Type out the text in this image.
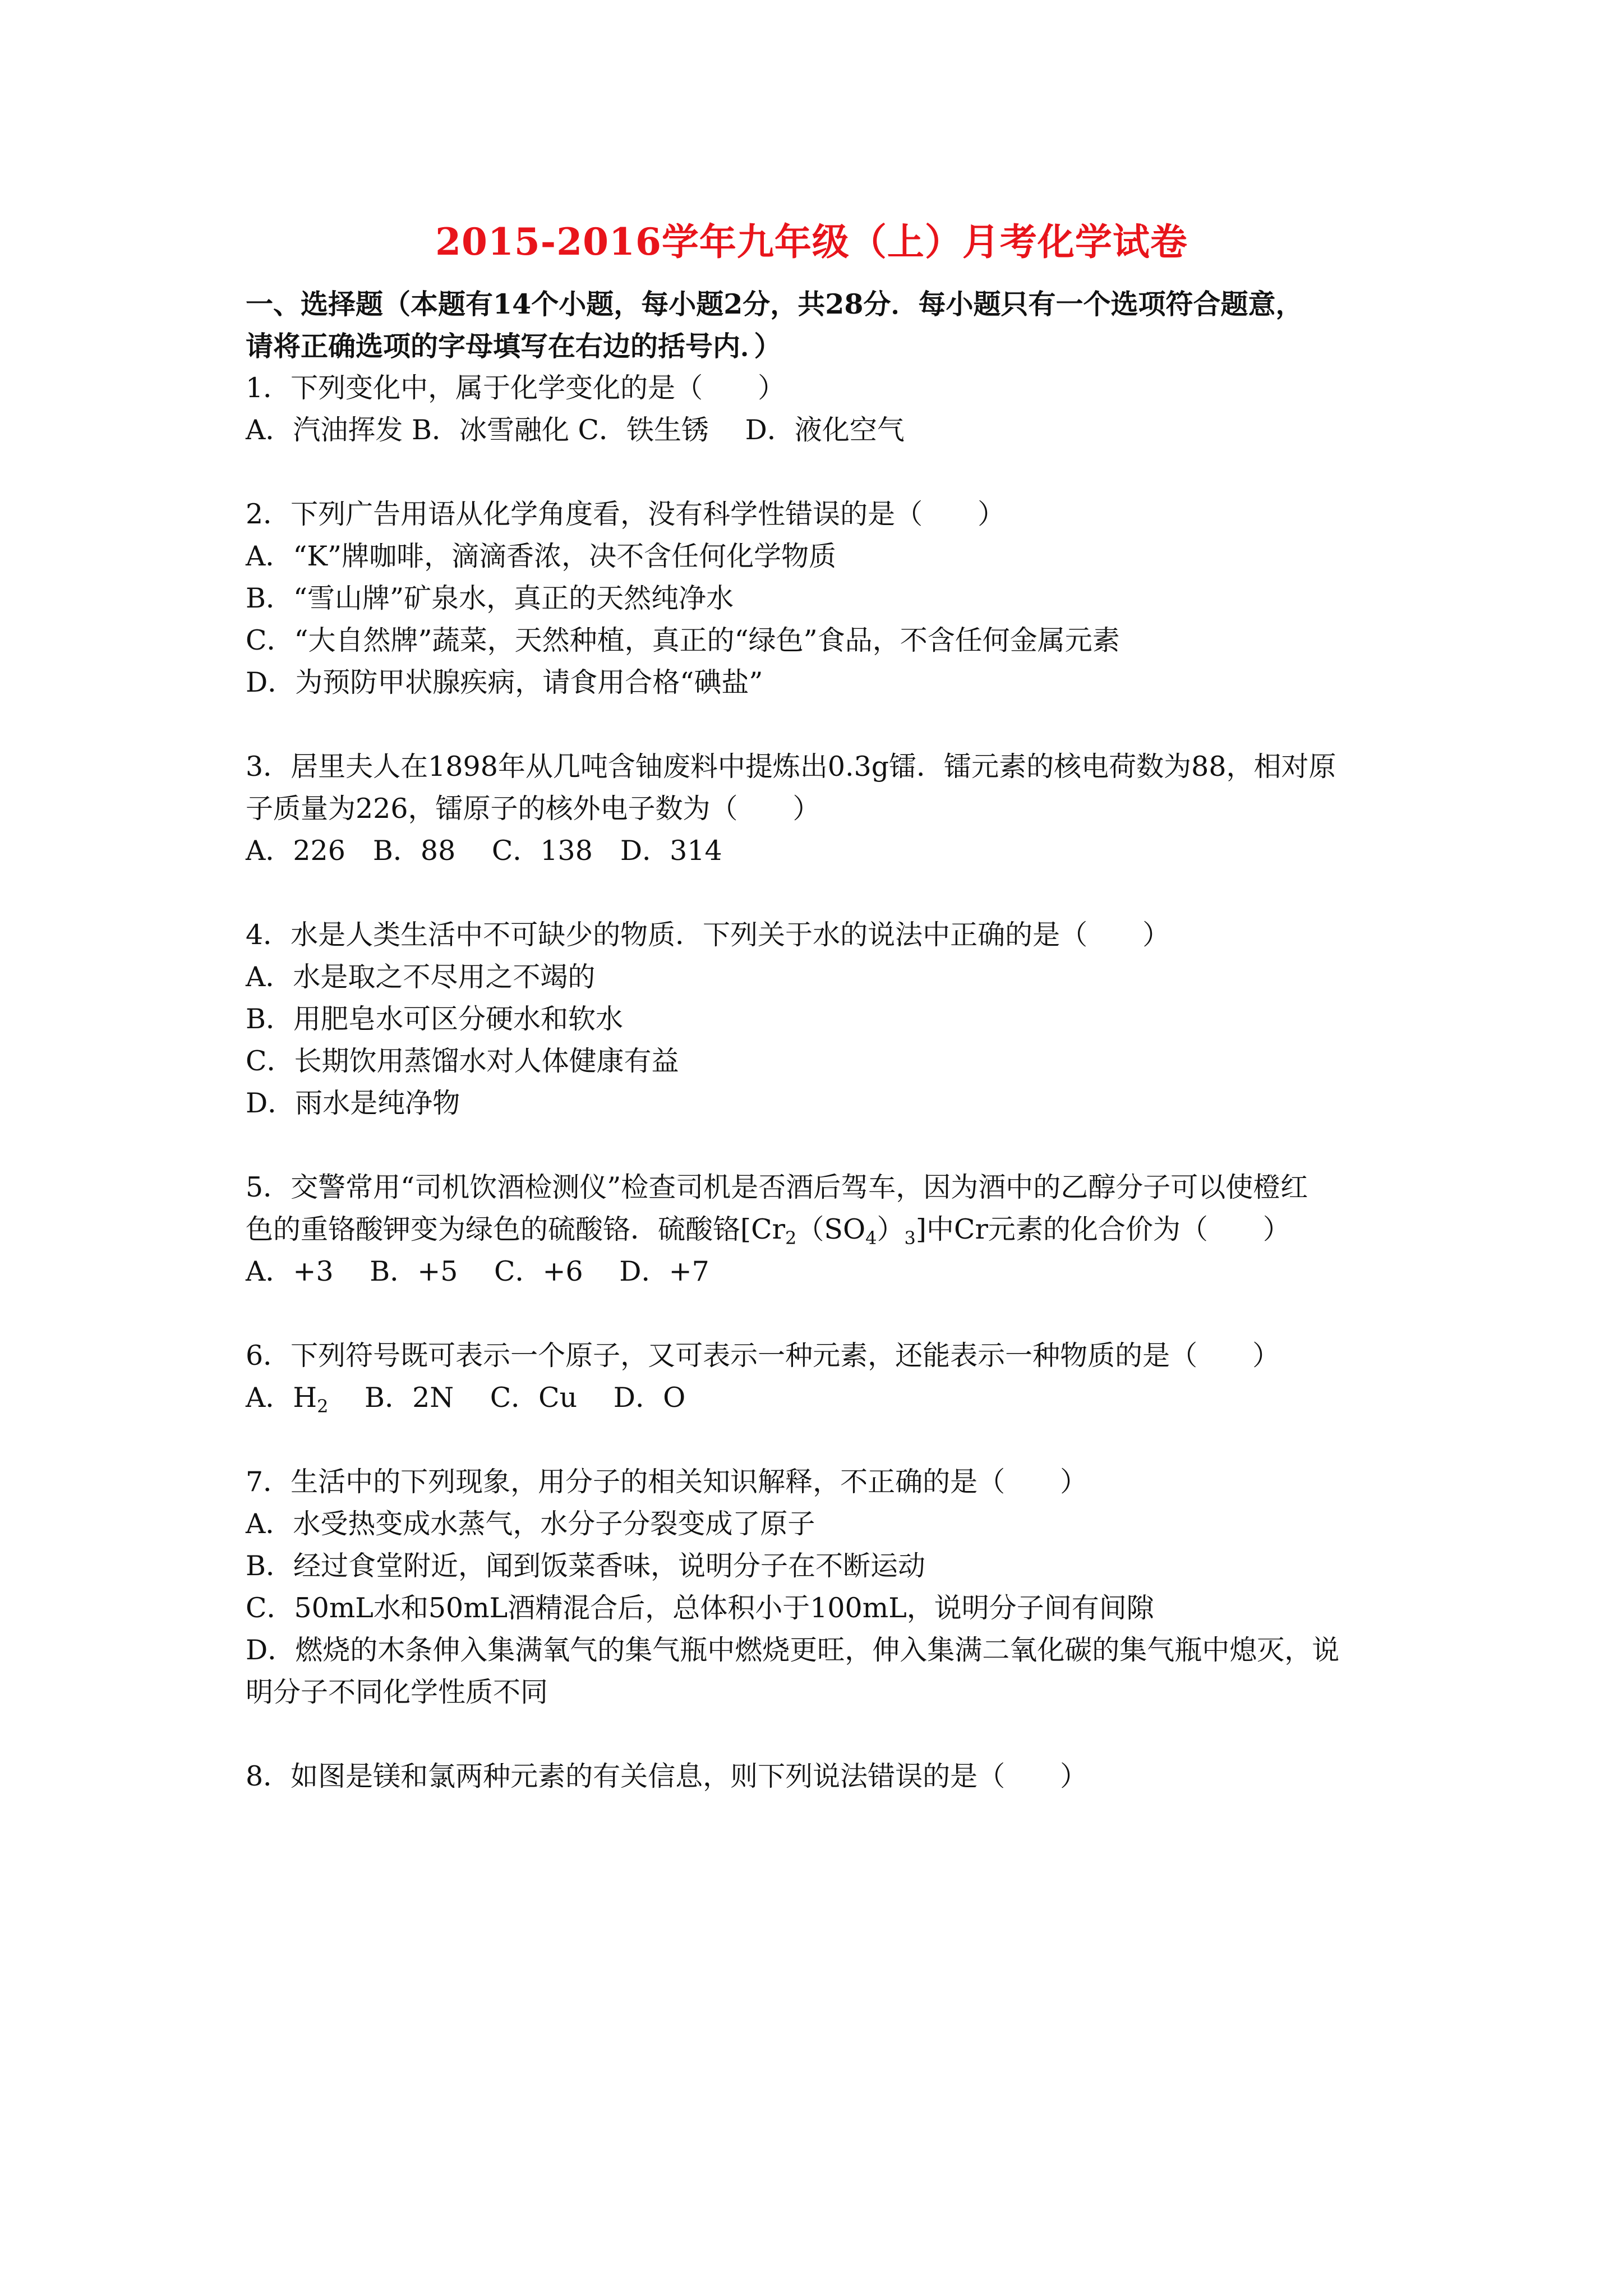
2015-2016学年九年级（上）月考化学试卷
一、选择题（本题有14个小题，每小题2分，共28分．每小题只有一个选项符合题意，
请将正确选项的字母填写在右边的括号内．）
1．下列变化中，属于化学变化的是（　　）
A．汽油挥发 B．冰雪融化 C．铁生锈　 D．液化空气
2．下列广告用语从化学角度看，没有科学性错误的是（　　）
A．“K”牌咖啡，滴滴香浓，决不含任何化学物质
B．“雪山牌”矿泉水，真正的天然纯净水
C．“大自然牌”蔬菜，天然种植，真正的“绿色”食品，不含任何金属元素
D．为预防甲状腺疾病，请食用合格“碘盐”
3．居里夫人在1898年从几吨含铀废料中提炼出0.3g镭．镭元素的核电荷数为88，相对原
子质量为226，镭原子的核外电子数为（　　）
A．226　B．88　 C．138　D．314
4．水是人类生活中不可缺少的物质．下列关于水的说法中正确的是（　　）
A．水是取之不尽用之不竭的
B．用肥皂水可区分硬水和软水
C．长期饮用蒸馏水对人体健康有益
D．雨水是纯净物
5．交警常用“司机饮酒检测仪”检查司机是否酒后驾车，因为酒中的乙醇分子可以使橙红
色的重铬酸钾变为绿色的硫酸铬．硫酸铬$[Cr_2(SO_4)_3]$中Cr元素的化合价为（　　）
A．+3　 B．+5　 C．+6　 D．+7
6．下列符号既可表示一个原子，又可表示一种元素，还能表示一种物质的是（　　）
A．$H_2$　 B．2N　 C．Cu　 D．O
7．生活中的下列现象，用分子的相关知识解释，不正确的是（　　）
A．水受热变成水蒸气，水分子分裂变成了原子
B．经过食堂附近，闻到饭菜香味，说明分子在不断运动
C．50mL水和50mL酒精混合后，总体积小于100mL，说明分子间有间隙
D．燃烧的木条伸入集满氧气的集气瓶中燃烧更旺，伸入集满二氧化碳的集气瓶中熄灭，说
明分子不同化学性质不同
8．如图是镁和氯两种元素的有关信息，则下列说法错误的是（　　）
